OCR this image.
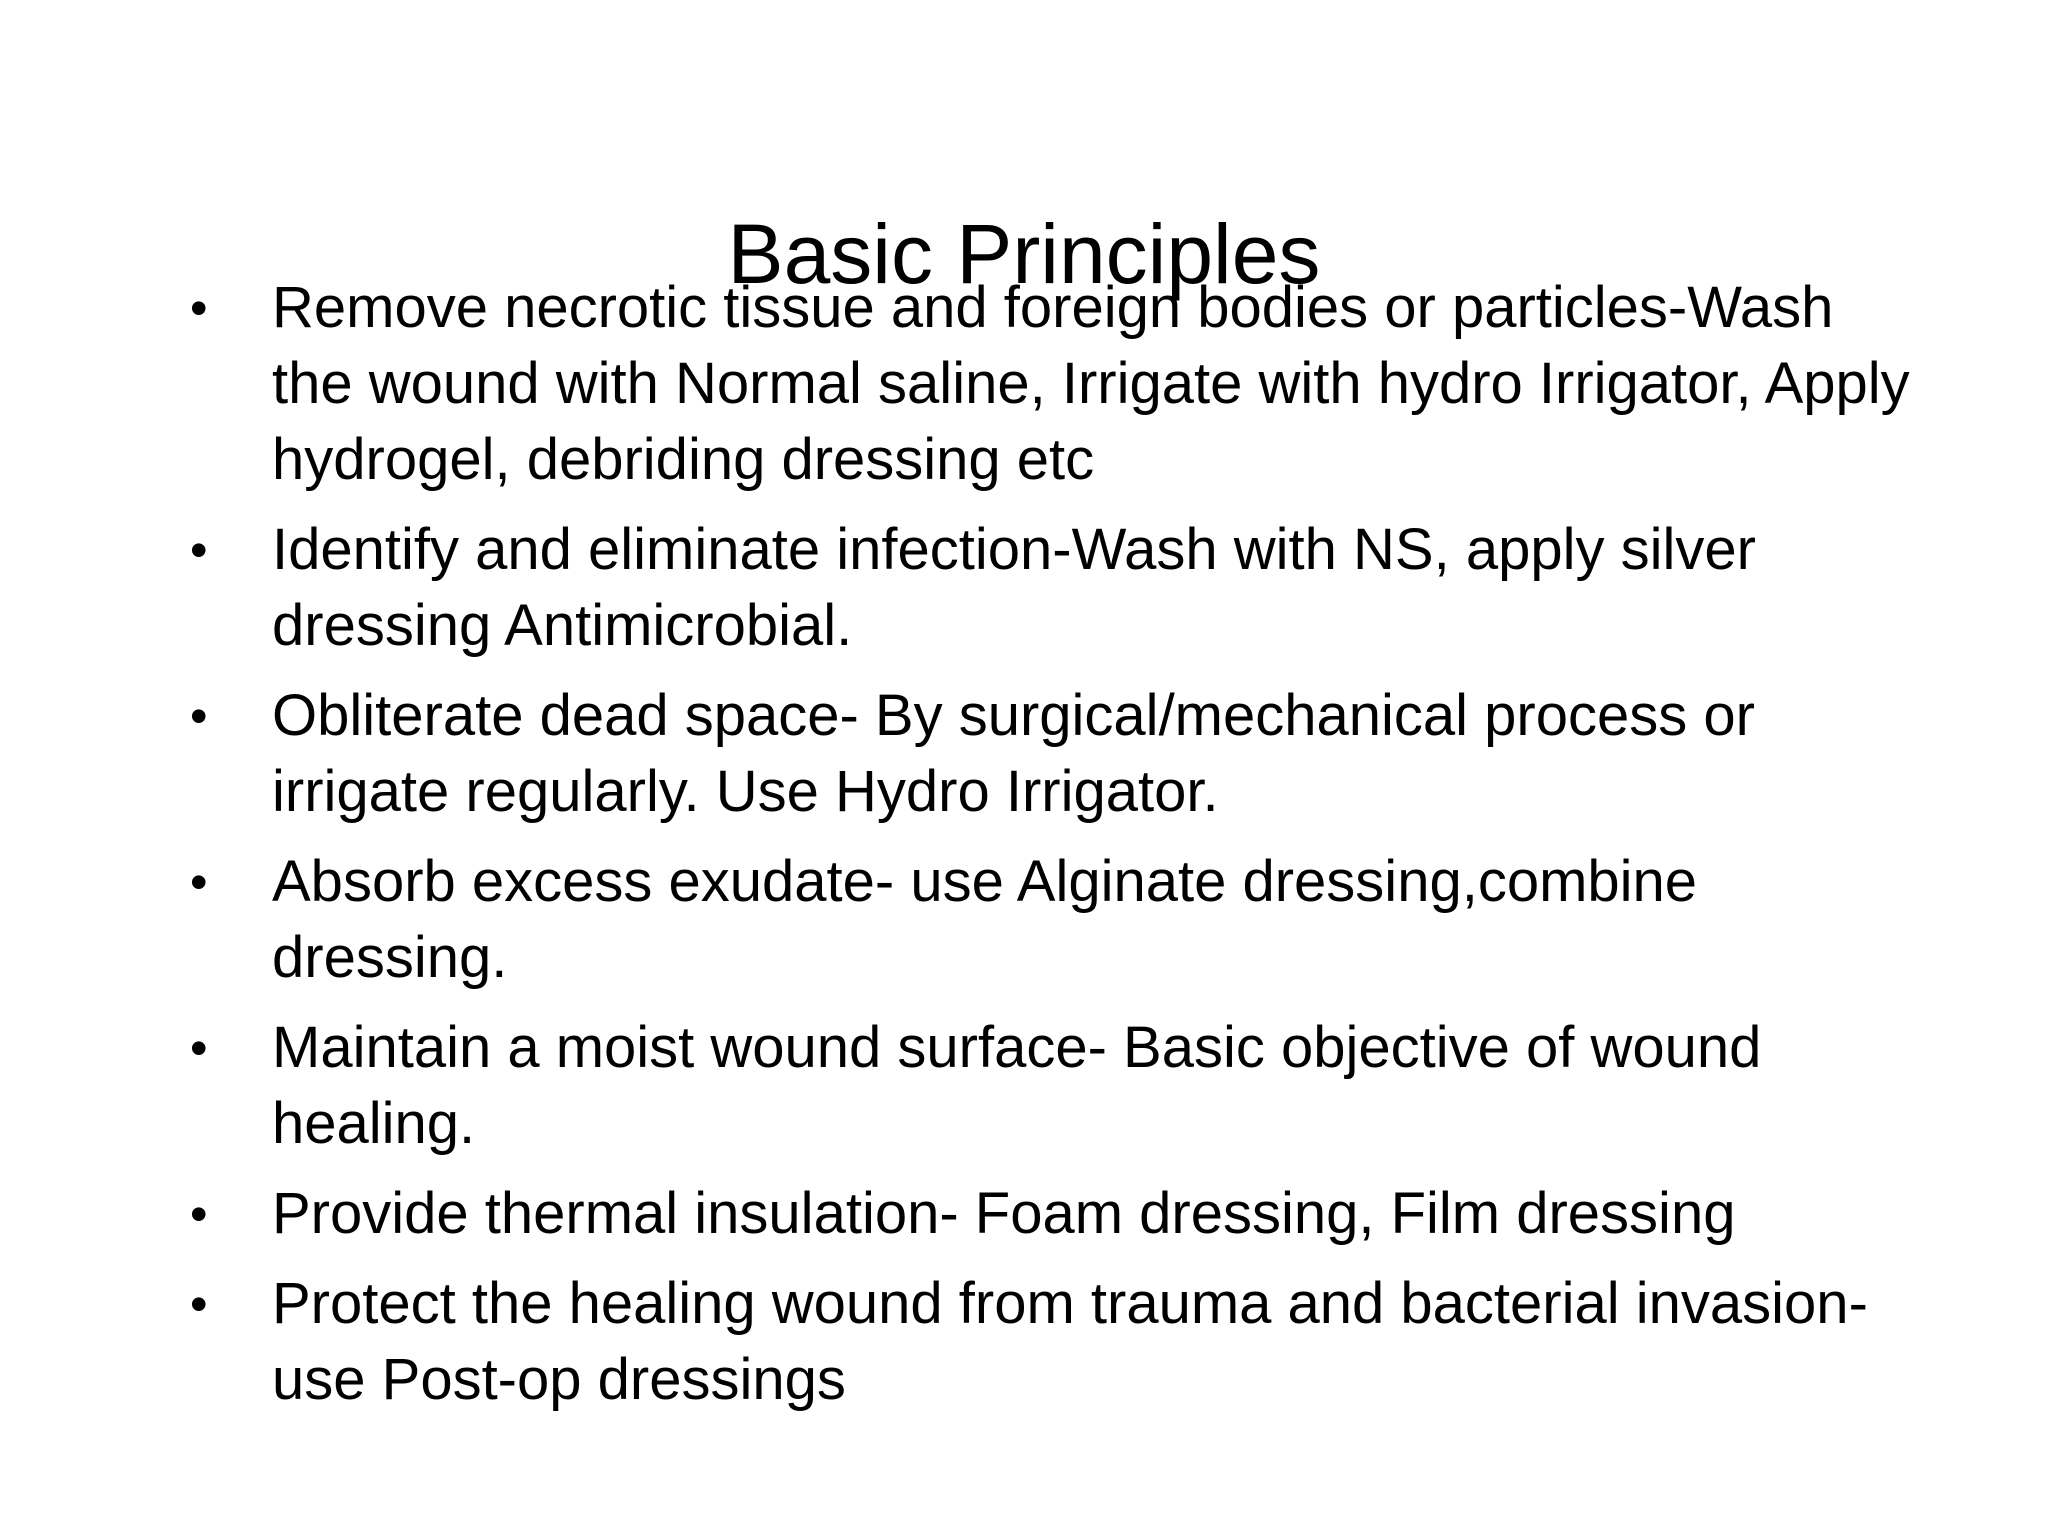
Basic Principles
•	Remove necrotic tissue and foreign bodies or particles-Wash the wound with Normal saline, Irrigate with hydro Irrigator, Apply hydrogel, debriding dressing etc
•	Identify and eliminate infection-Wash with NS, apply silver dressing Antimicrobial.
•	Obliterate dead space- By surgical/mechanical process or irrigate regularly. Use Hydro Irrigator.
•	Absorb excess exudate- use Alginate dressing,combine dressing.
•	Maintain a moist wound surface- Basic objective of wound healing.
•	Provide thermal insulation- Foam dressing, Film dressing
•	Protect the healing wound from trauma and bacterial invasion- use Post-op dressings
